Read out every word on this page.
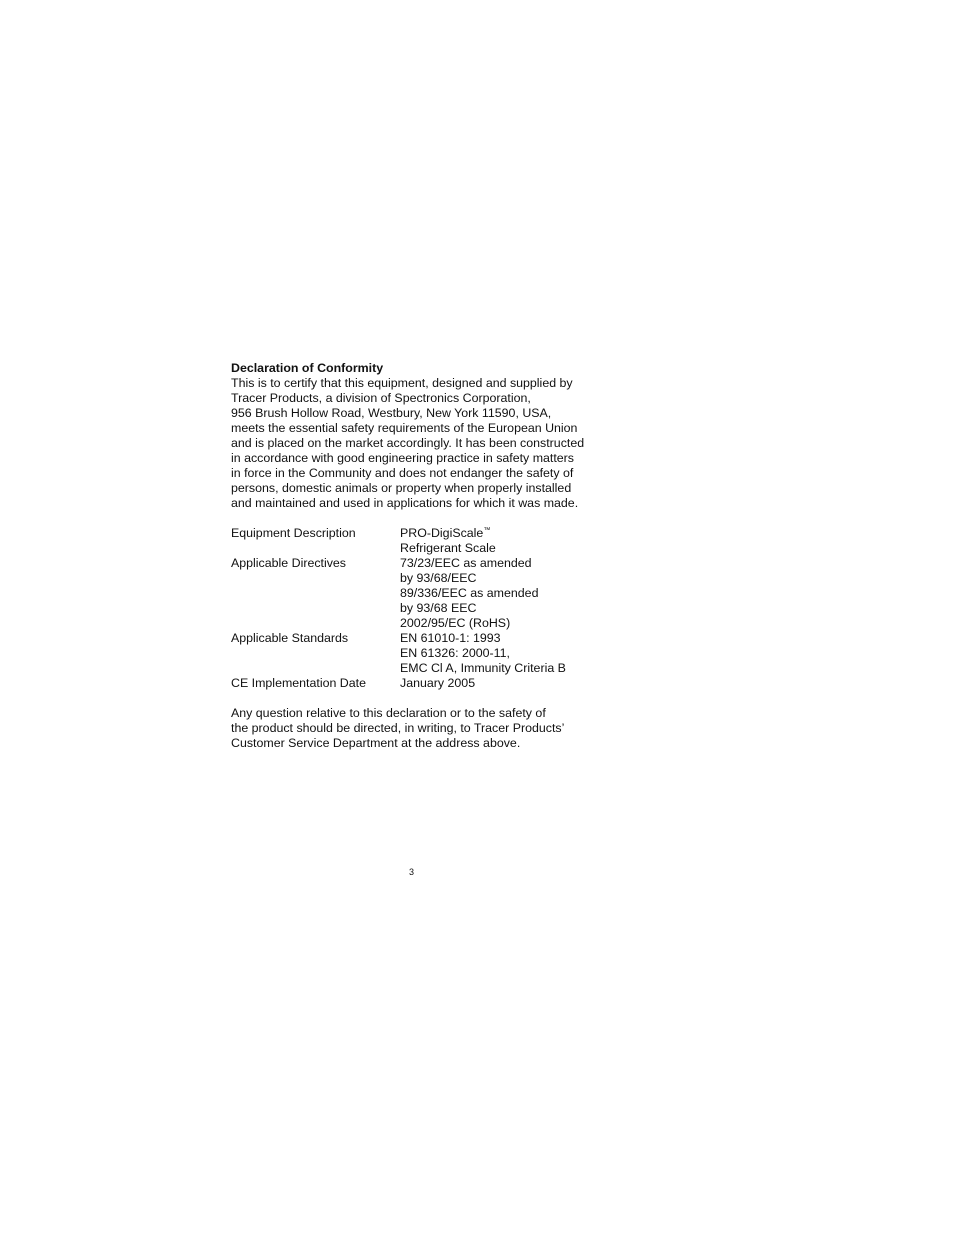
Declaration of Conformity

This is to certify that this equipment, designed and supplied by
Tracer Products, a division of Spectronics Corporation,
956 Brush Hollow Road, Westbury, New York 11590, USA,
meets the essential safety requirements of the European Union
and is placed on the market accordingly. It has been constructed
in accordance with good engineering practice in safety matters
in force in the Community and does not endanger the safety of
persons, domestic animals or property when properly installed
and maintained and used in applications for which it was made.
Equipment Description	PRO-DigiScale™
Refrigerant Scale
Applicable Directives	73/23/EEC as amended
by 93/68/EEC
89/336/EEC as amended
by 93/68 EEC
2002/95/EC (RoHS)
Applicable Standards	EN 61010-1: 1993
EN 61326: 2000-11,
EMC Cl A, Immunity Criteria B
CE Implementation Date	January 2005
Any question relative to this declaration or to the safety of
the product should be directed, in writing, to Tracer Products’
Customer Service Department at the address above.
3
